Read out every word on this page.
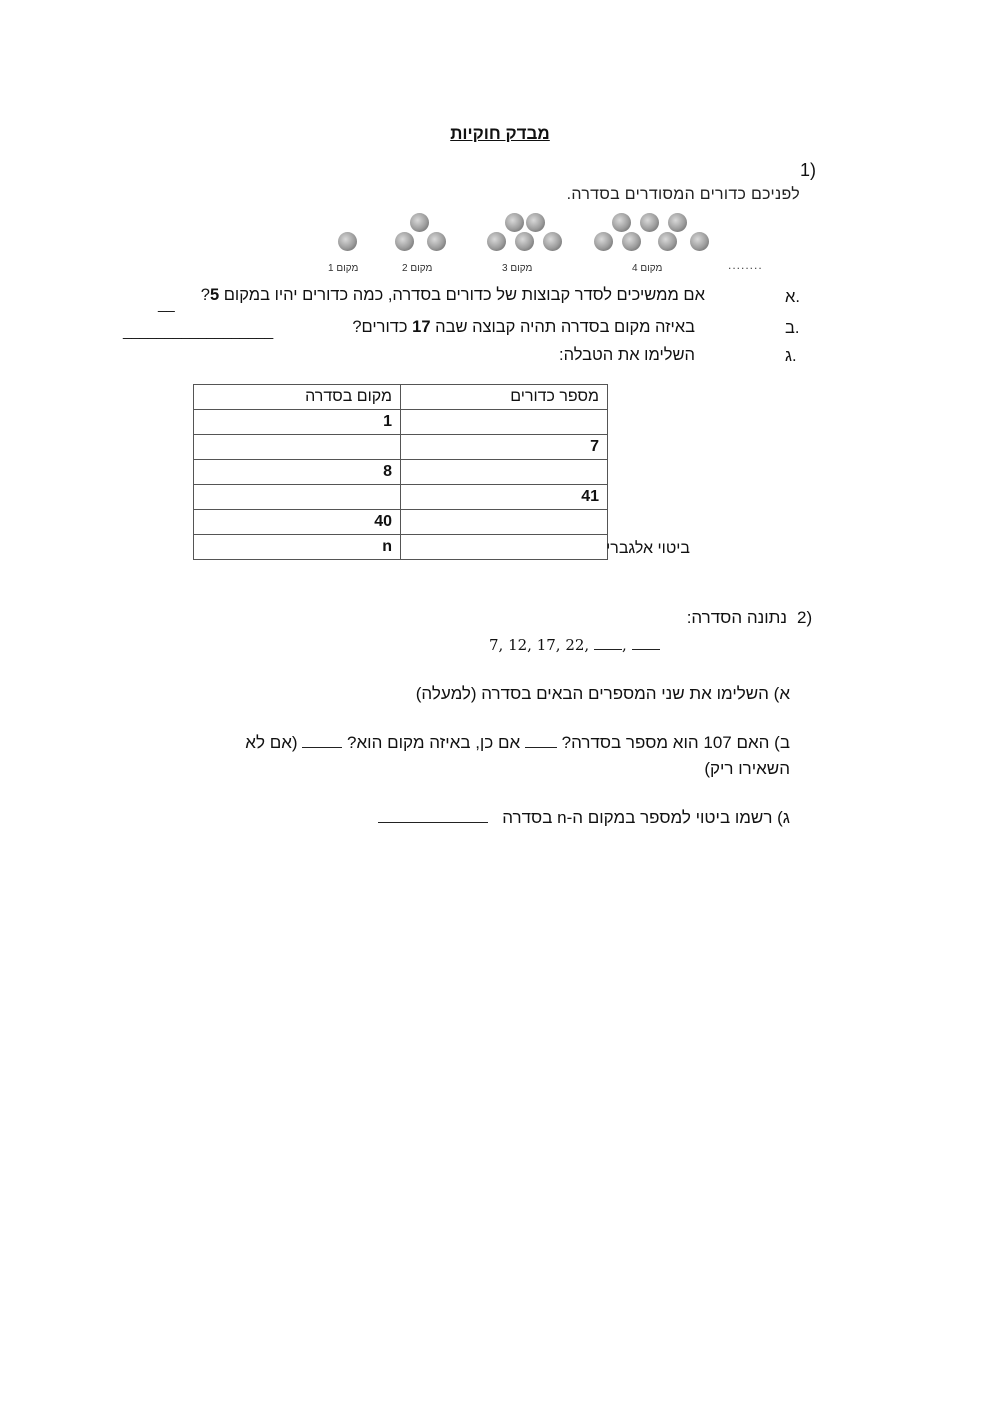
מבדק חוקיות
1)
לפניכם כדורים המסודרים בסדרה.
מקום 1	מקום 2	מקום 3	מקום 4	........
א.
אם ממשיכים לסדר קבוצות של כדורים בסדרה, כמה כדורים יהיו במקום 5?
__
ב.
באיזה מקום בסדרה תהיה קבוצה שבה 17 כדורים?
__________________
ג.
השלימו את הטבלה:
מקום בסדרה	מספר כדורים
1	
	7
8	
	41
40	
n		ביטוי אלגברי
2)
נתונה הסדרה:
7, 12, 17, 22, ,
א) השלימו את שני המספרים הבאים בסדרה (למעלה)
ב) האם 107 הוא מספר בסדרה?  אם כן, באיזה מקום הוא?  (אם לא
השאירו ריק)
ג) רשמו ביטוי למספר במקום ה-n בסדרה
